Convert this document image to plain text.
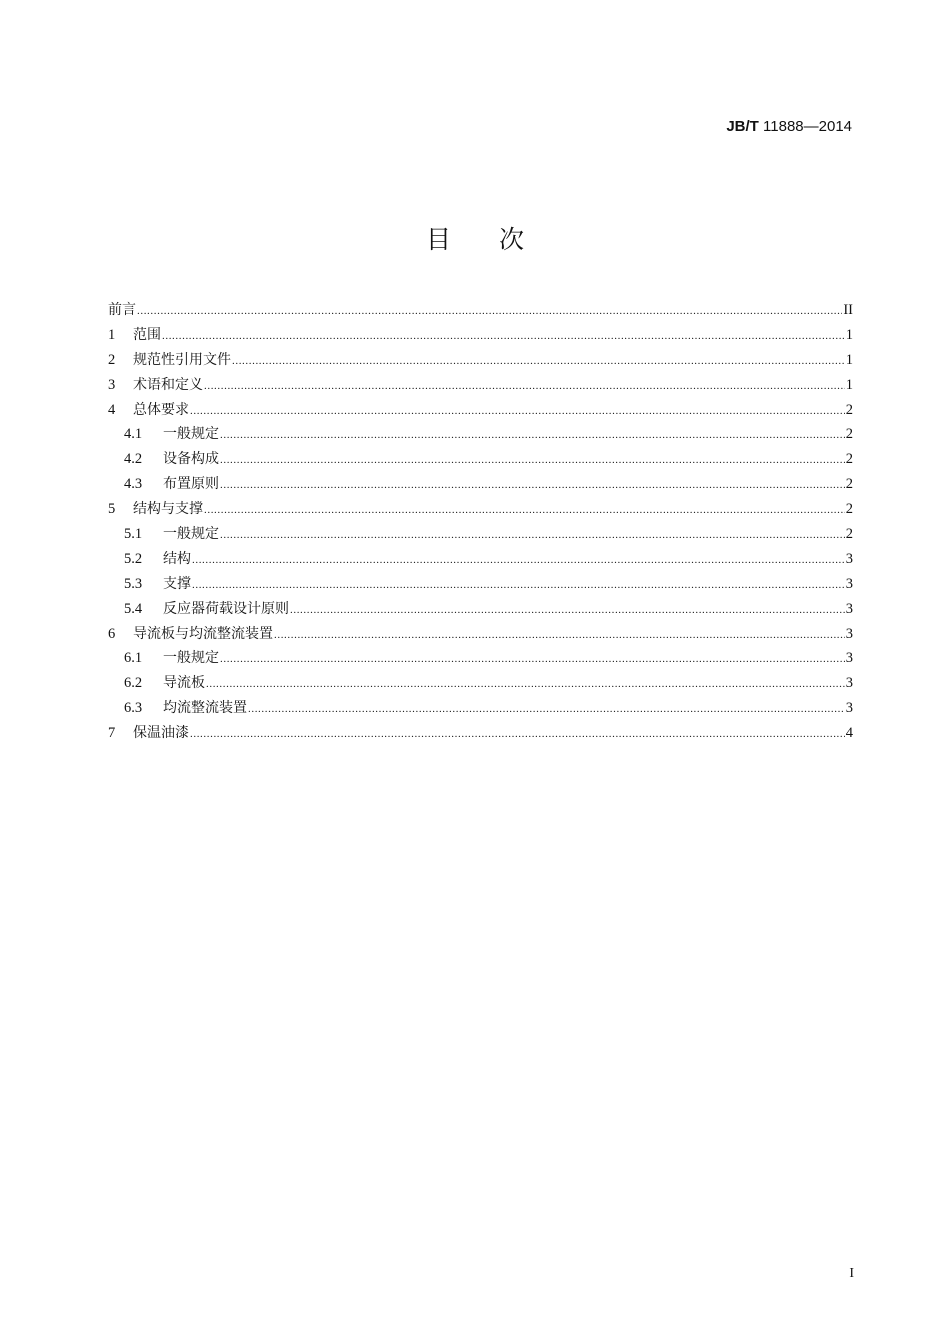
JB/T 11888—2014
目次
前言 .....	II
1	范围 .....	1
2	规范性引用文件 .....	1
3	术语和定义 .....	1
4	总体要求 .....	2
4.1	一般规定 .....	2
4.2	设备构成 .....	2
4.3	布置原则 .....	2
5	结构与支撑 .....	2
5.1	一般规定 .....	2
5.2	结构 .....	3
5.3	支撑 .....	3
5.4	反应器荷载设计原则 .....	3
6	导流板与均流整流装置 .....	3
6.1	一般规定 .....	3
6.2	导流板 .....	3
6.3	均流整流装置 .....	3
7	保温油漆 .....	4
I
